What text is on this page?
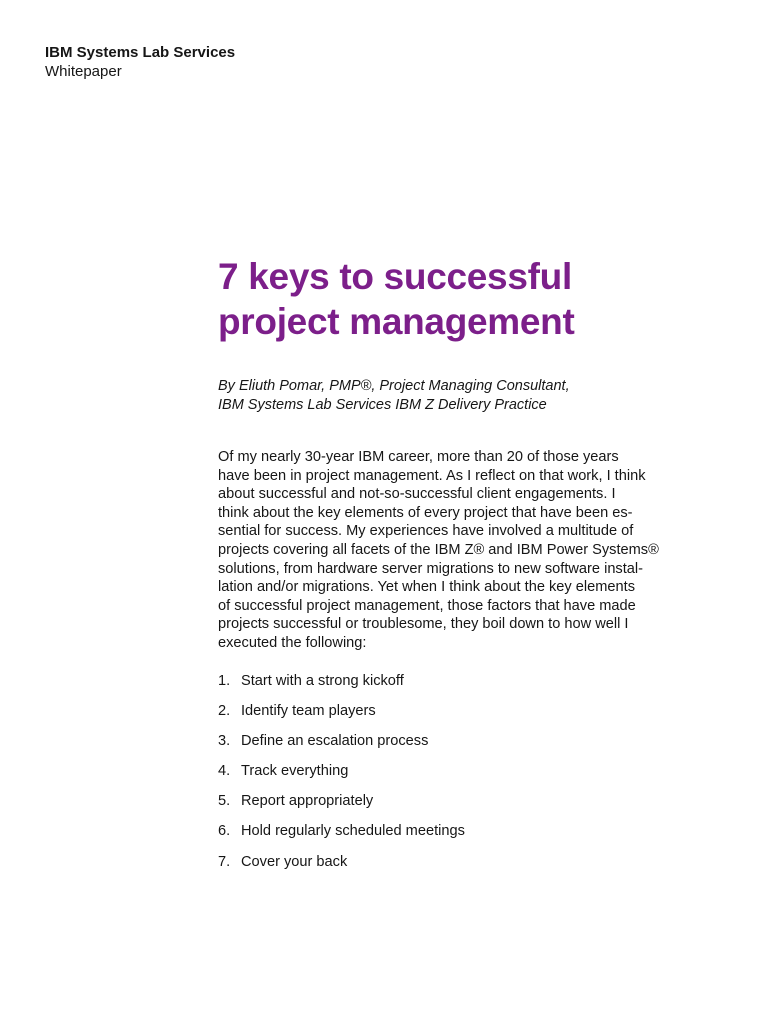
IBM Systems Lab Services
Whitepaper
7 keys to successful
project management

By Eliuth Pomar, PMP®, Project Managing Consultant,
IBM Systems Lab Services IBM Z Delivery Practice

Of my nearly 30-year IBM career, more than 20 of those years
have been in project management. As I reflect on that work, I think
about successful and not-so-successful client engagements. I
think about the key elements of every project that have been es-
sential for success. My experiences have involved a multitude of
projects covering all facets of the IBM Z® and IBM Power Systems®
solutions, from hardware server migrations to new software instal-
lation and/or migrations. Yet when I think about the key elements
of successful project management, those factors that have made
projects successful or troublesome, they boil down to how well I
executed the following:

1. Start with a strong kickoff
2. Identify team players
3. Define an escalation process
4. Track everything
5. Report appropriately
6. Hold regularly scheduled meetings
7. Cover your back
